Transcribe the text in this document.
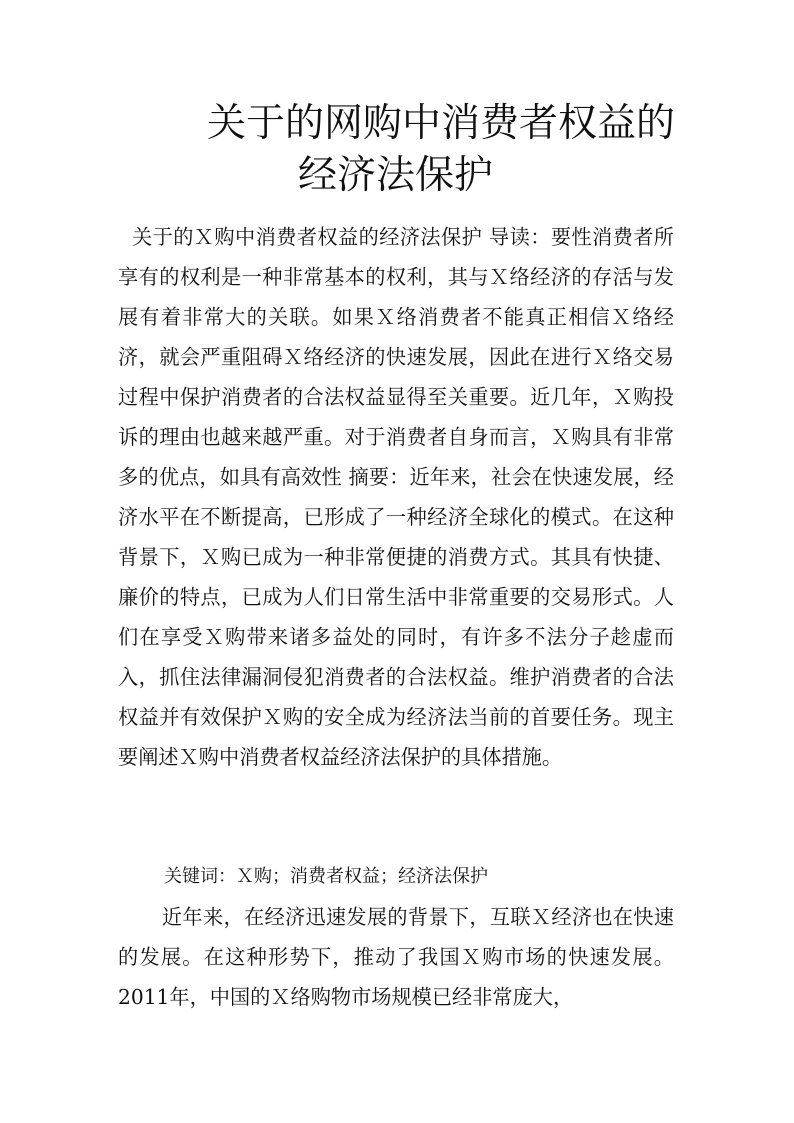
关于的网购中消费者权益的
经济法保护

关于的Ｘ购中消费者权益的经济法保护 导读：要性消费者所享有的权利是一种非常基本的权利，其与Ｘ络经济的存活与发展有着非常大的关联。如果Ｘ络消费者不能真正相信Ｘ络经济，就会严重阻碍Ｘ络经济的快速发展，因此在进行Ｘ络交易过程中保护消费者的合法权益显得至关重要。近几年，Ｘ购投诉的理由也越来越严重。对于消费者自身而言，Ｘ购具有非常多的优点，如具有高效性 摘要：近年来，社会在快速发展，经济水平在不断提高，已形成了一种经济全球化的模式。在这种背景下，Ｘ购已成为一种非常便捷的消费方式。其具有快捷、廉价的特点，已成为人们日常生活中非常重要的交易形式。人们在享受Ｘ购带来诸多益处的同时，有许多不法分子趁虚而入，抓住法律漏洞侵犯消费者的合法权益。维护消费者的合法权益并有效保护Ｘ购的安全成为经济法当前的首要任务。现主要阐述Ｘ购中消费者权益经济法保护的具体措施。

关键词：Ｘ购；消费者权益；经济法保护

近年来，在经济迅速发展的背景下，互联Ｘ经济也在快速的发展。在这种形势下，推动了我国Ｘ购市场的快速发展。2011年，中国的Ｘ络购物市场规模已经非常庞大，
